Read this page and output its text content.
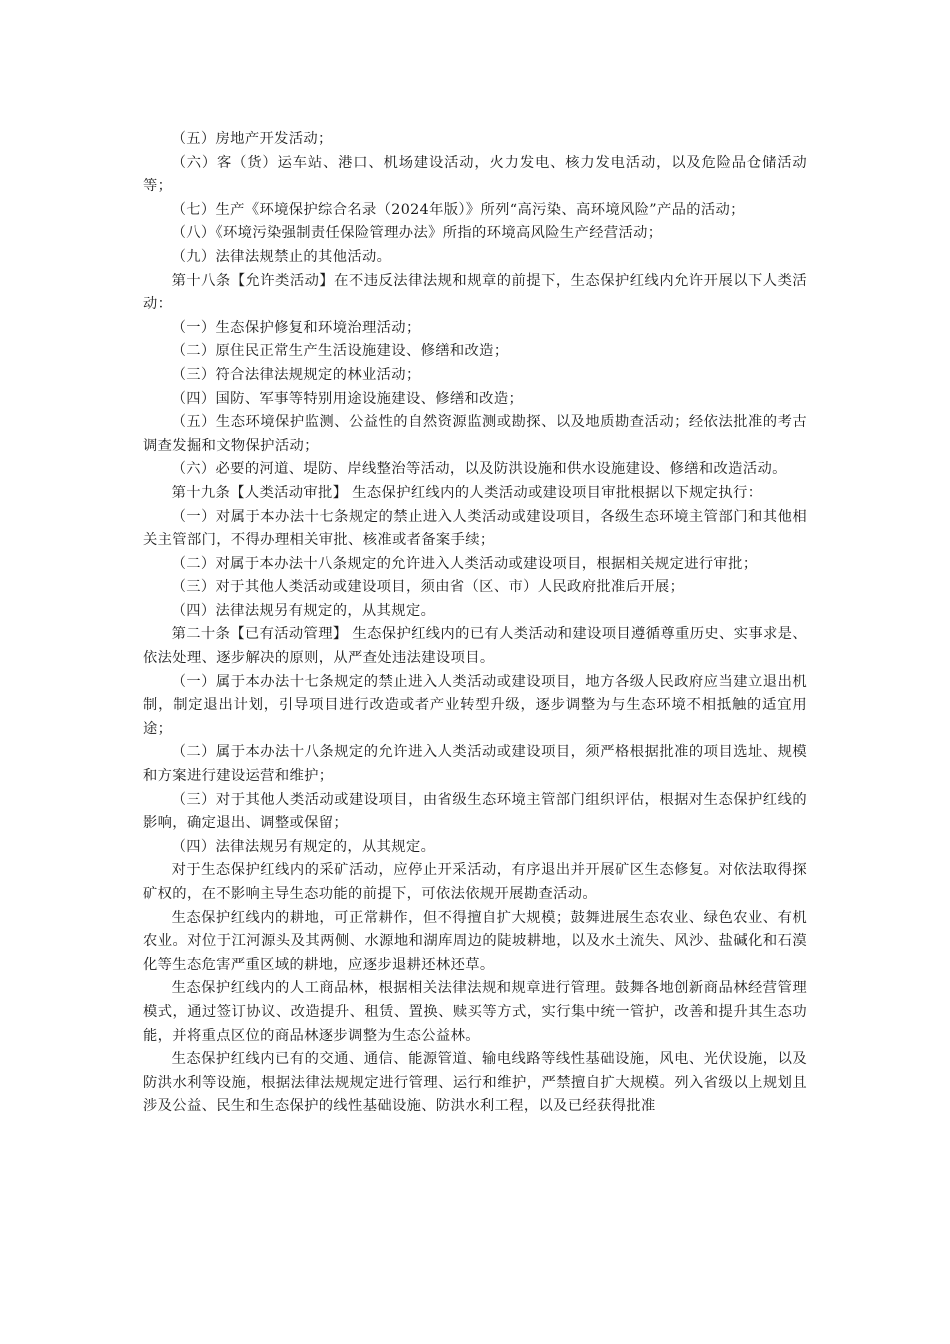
（五）房地产开发活动；

（六）客（货）运车站、港口、机场建设活动，火力发电、核力发电活动，以及危险品仓储活动等；

（七）生产《环境保护综合名录（2024年版）》所列“高污染、高环境风险”产品的活动；

（八）《环境污染强制责任保险管理办法》所指的环境高风险生产经营活动；

（九）法律法规禁止的其他活动。

第十八条【允许类活动】在不违反法律法规和规章的前提下，生态保护红线内允许开展以下人类活动：

（一）生态保护修复和环境治理活动；

（二）原住民正常生产生活设施建设、修缮和改造；

（三）符合法律法规规定的林业活动；

（四）国防、军事等特别用途设施建设、修缮和改造；

（五）生态环境保护监测、公益性的自然资源监测或勘探、以及地质勘查活动；经依法批准的考古调查发掘和文物保护活动；

（六）必要的河道、堤防、岸线整治等活动，以及防洪设施和供水设施建设、修缮和改造活动。

第十九条【人类活动审批】 生态保护红线内的人类活动或建设项目审批根据以下规定执行：

（一）对属于本办法十七条规定的禁止进入人类活动或建设项目，各级生态环境主管部门和其他相关主管部门，不得办理相关审批、核准或者备案手续；

（二）对属于本办法十八条规定的允许进入人类活动或建设项目，根据相关规定进行审批；

（三）对于其他人类活动或建设项目，须由省（区、市）人民政府批准后开展；

（四）法律法规另有规定的，从其规定。

第二十条【已有活动管理】 生态保护红线内的已有人类活动和建设项目遵循尊重历史、实事求是、依法处理、逐步解决的原则，从严查处违法建设项目。

（一）属于本办法十七条规定的禁止进入人类活动或建设项目，地方各级人民政府应当建立退出机制，制定退出计划，引导项目进行改造或者产业转型升级，逐步调整为与生态环境不相抵触的适宜用途；

（二）属于本办法十八条规定的允许进入人类活动或建设项目，须严格根据批准的项目选址、规模和方案进行建设运营和维护；

（三）对于其他人类活动或建设项目，由省级生态环境主管部门组织评估，根据对生态保护红线的影响，确定退出、调整或保留；

（四）法律法规另有规定的，从其规定。

对于生态保护红线内的采矿活动，应停止开采活动，有序退出并开展矿区生态修复。对依法取得探矿权的，在不影响主导生态功能的前提下，可依法依规开展勘查活动。

生态保护红线内的耕地，可正常耕作，但不得擅自扩大规模；鼓舞进展生态农业、绿色农业、有机农业。对位于江河源头及其两侧、水源地和湖库周边的陡坡耕地，以及水土流失、风沙、盐碱化和石漠化等生态危害严重区域的耕地，应逐步退耕还林还草。

生态保护红线内的人工商品林，根据相关法律法规和规章进行管理。鼓舞各地创新商品林经营管理模式，通过签订协议、改造提升、租赁、置换、赎买等方式，实行集中统一管护，改善和提升其生态功能，并将重点区位的商品林逐步调整为生态公益林。

生态保护红线内已有的交通、通信、能源管道、输电线路等线性基础设施，风电、光伏设施，以及防洪水利等设施，根据法律法规规定进行管理、运行和维护，严禁擅自扩大规模。列入省级以上规划且涉及公益、民生和生态保护的线性基础设施、防洪水利工程，以及已经获得批准
